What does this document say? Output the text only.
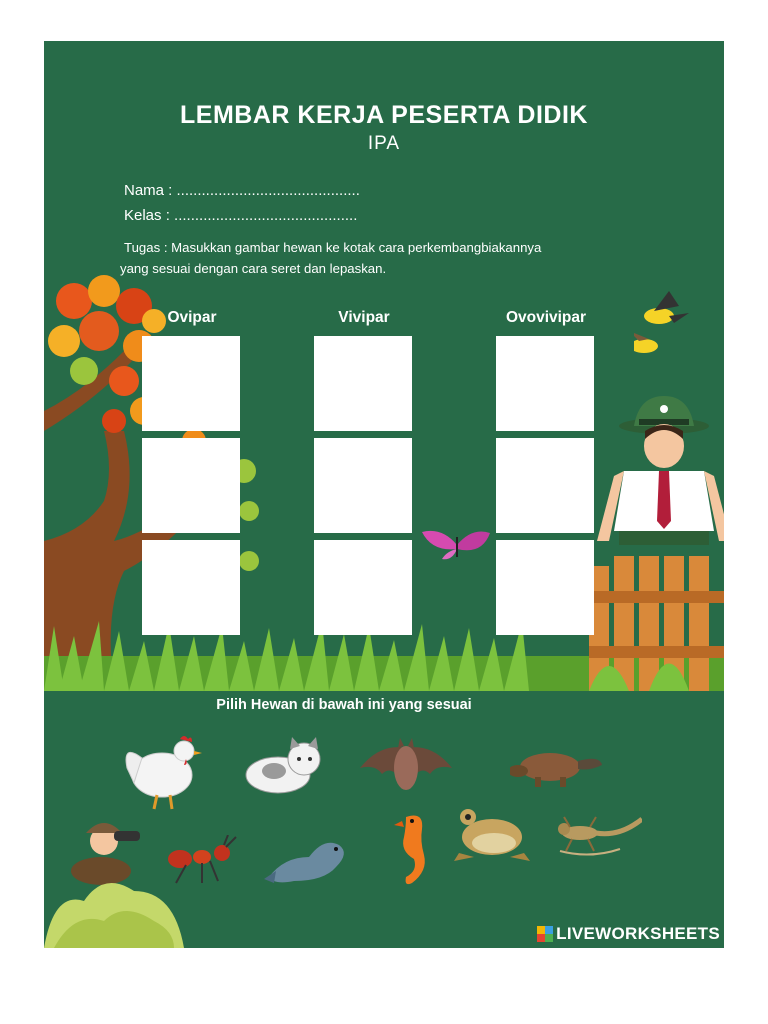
LEMBAR KERJA PESERTA DIDIK
IPA
Nama : ............................................
Kelas : ............................................
Tugas : Masukkan gambar hewan ke kotak cara perkembangbiakannya
yang sesuai dengan cara seret dan lepaskan.
Ovipar	Vivipar	Ovovivipar
Pilih Hewan di bawah ini yang sesuai
LIVEWORKSHEETS
